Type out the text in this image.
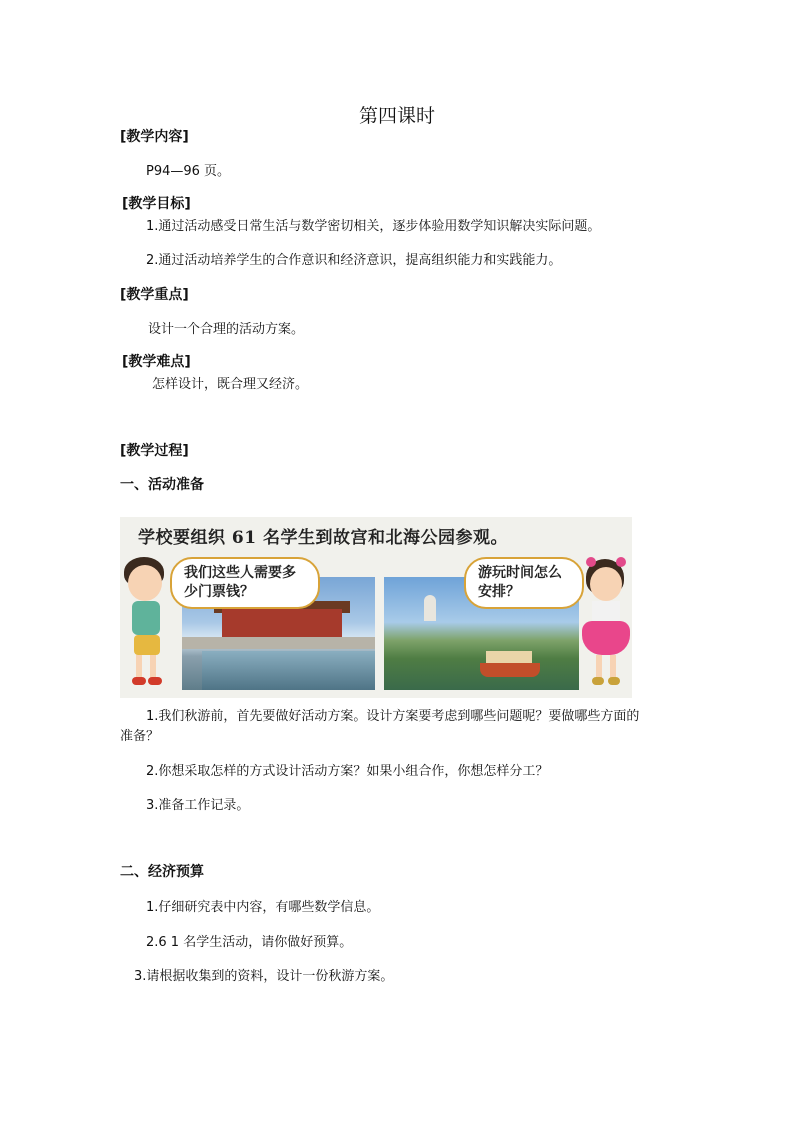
第四课时
[教学内容]
P94—96 页。
[教学目标]
1.通过活动感受日常生活与数学密切相关，逐步体验用数学知识解决实际问题。
2.通过活动培养学生的合作意识和经济意识，提高组织能力和实践能力。
[教学重点]
设计一个合理的活动方案。
[教学难点]
怎样设计，既合理又经济。
[教学过程]
一、活动准备
学校要组织 61 名学生到故宫和北海公园参观。
我们这些人需要多少门票钱？
游玩时间怎么安排？
1.我们秋游前，首先要做好活动方案。设计方案要考虑到哪些问题呢？要做哪些方面的
准备？
2.你想采取怎样的方式设计活动方案？如果小组合作，你想怎样分工？
3.准备工作记录。
二、经济预算
1.仔细研究表中内容，有哪些数学信息。
2.6 1 名学生活动，请你做好预算。
3.请根据收集到的资料，设计一份秋游方案。
